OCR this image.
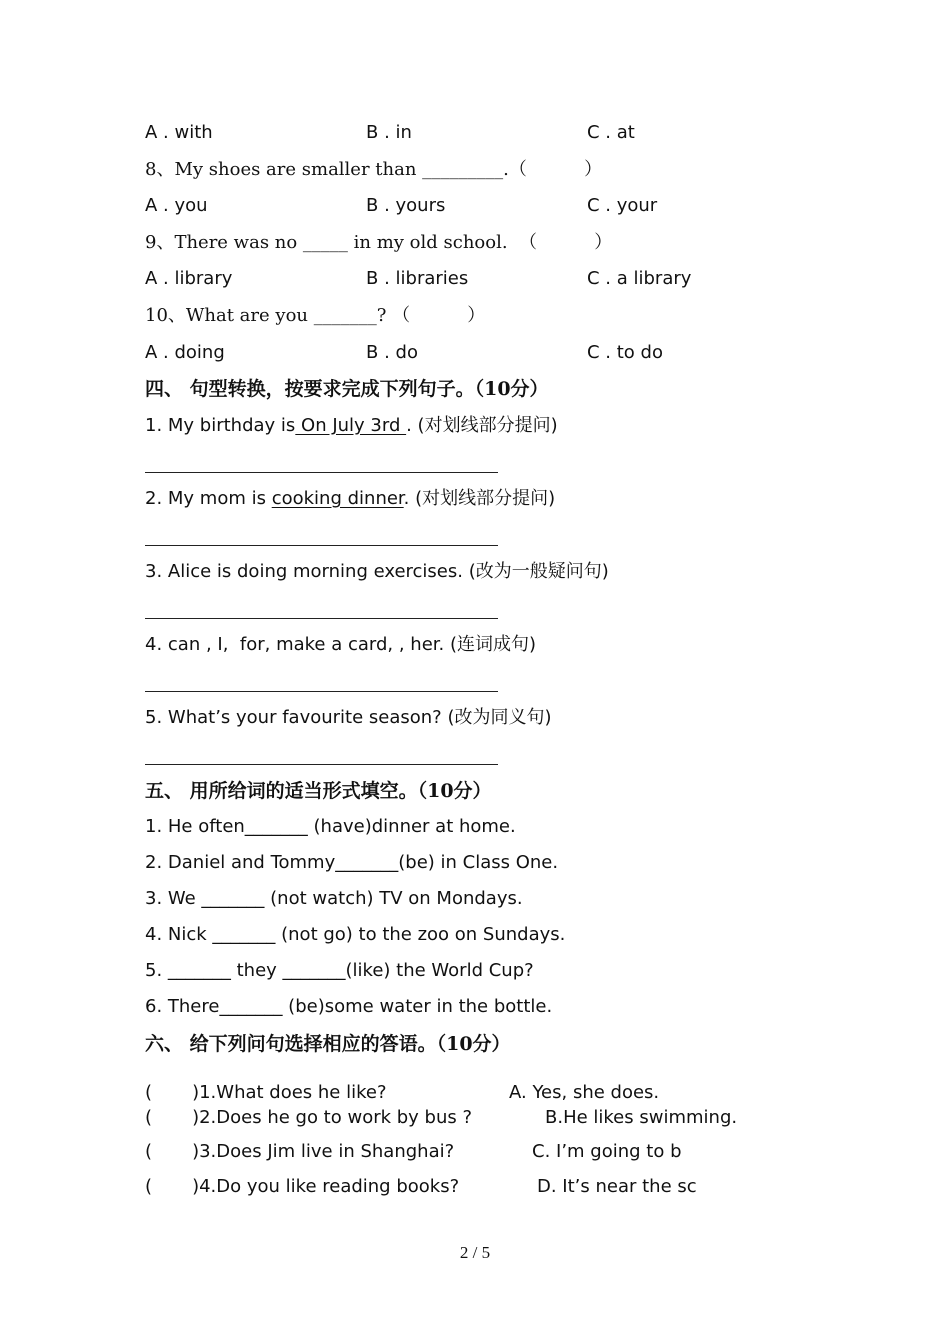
A . with	B . in	C . at
8、My shoes are smaller than _________.（          ）
A . you	B . yours	C . your
9、There was no _____ in my old school.  （          ）
A . library	B . libraries	C . a library
10、What are you _______? （          ）
A . doing	B . do	C . to do
四、 句型转换，按要求完成下列句子。（10分）
1. My birthday is On July 3rd . (对划线部分提问)
2. My mom is cooking dinner. (对划线部分提问)
3. Alice is doing morning exercises. (改为一般疑问句)
4. can , I,  for, make a card, , her. (连词成句)
5. What’s your favourite season? (改为同义句)
五、 用所给词的适当形式填空。（10分）
1. He often_______ (have)dinner at home.
2. Daniel and Tommy_______(be) in Class One.
3. We _______ (not watch) TV on Mondays.
4. Nick _______ (not go) to the zoo on Sundays.
5. _______ they _______(like) the World Cup?
6. There_______ (be)some water in the bottle.
六、 给下列问句选择相应的答语。（10分）
(       )1.What does he like?	A. Yes, she does.
(       )2.Does he go to work by bus ?	B.He likes swimming.
(       )3.Does Jim live in Shanghai?	C. I’m going to b
(       )4.Do you like reading books?	D. It’s near the sc
2 / 5
